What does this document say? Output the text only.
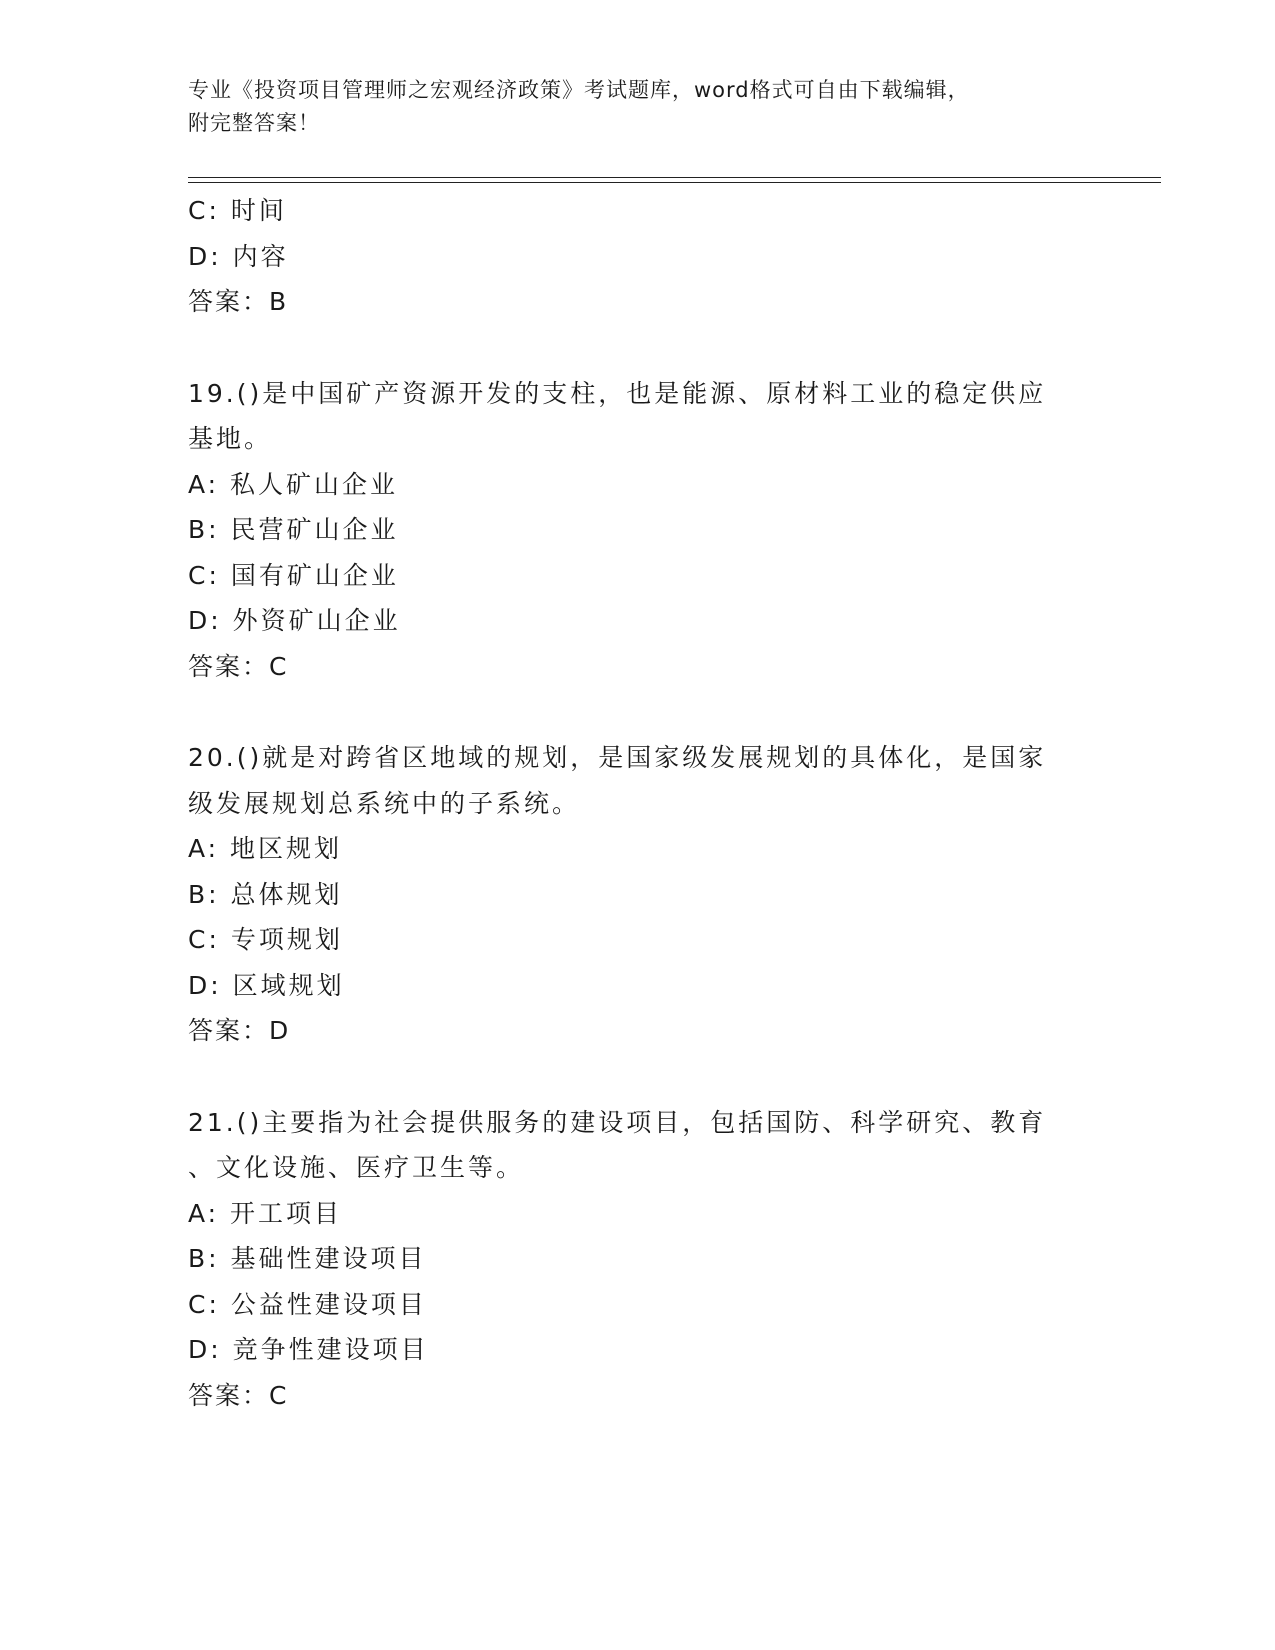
专业《投资项目管理师之宏观经济政策》考试题库，word格式可自由下载编辑，
附完整答案！
C: 时间
D: 内容
答案：B
19.()是中国矿产资源开发的支柱，也是能源、原材料工业的稳定供应
基地。
A: 私人矿山企业
B: 民营矿山企业
C: 国有矿山企业
D: 外资矿山企业
答案：C
20.()就是对跨省区地域的规划，是国家级发展规划的具体化，是国家
级发展规划总系统中的子系统。
A: 地区规划
B: 总体规划
C: 专项规划
D: 区域规划
答案：D
21.()主要指为社会提供服务的建设项目，包括国防、科学研究、教育
、文化设施、医疗卫生等。
A: 开工项目
B: 基础性建设项目
C: 公益性建设项目
D: 竞争性建设项目
答案：C
